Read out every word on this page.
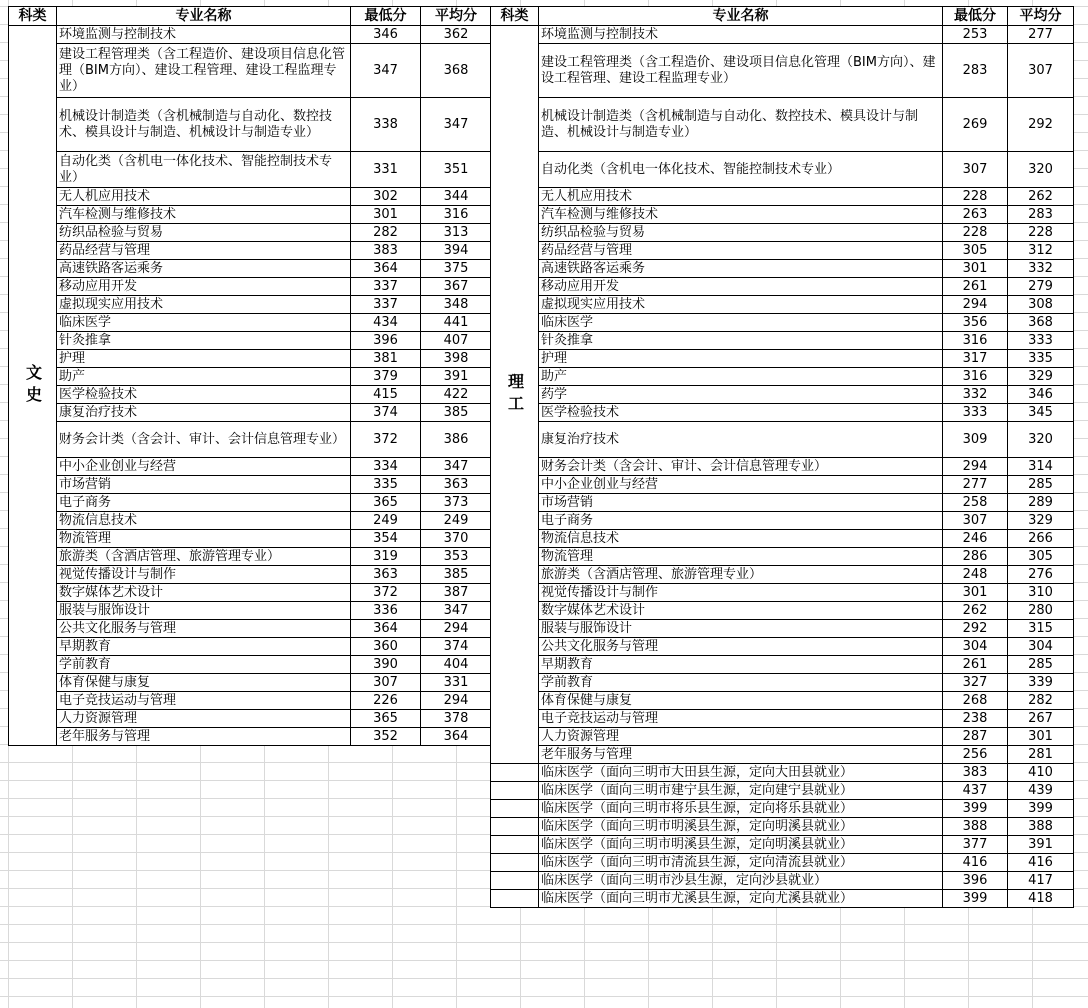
科类	专业名称	最低分	平均分
文史	环境监测与控制技术	346	362
	建设工程管理类（含工程造价、建设项目信息化管理（BIM方向）、建设工程管理、建设工程监理专业）	347	368
	机械设计制造类（含机械制造与自动化、数控技术、模具设计与制造、机械设计与制造专业）	338	347
	自动化类（含机电一体化技术、智能控制技术专业）	331	351
	无人机应用技术	302	344
	汽车检测与维修技术	301	316
	纺织品检验与贸易	282	313
	药品经营与管理	383	394
	高速铁路客运乘务	364	375
	移动应用开发	337	367
	虚拟现实应用技术	337	348
	临床医学	434	441
	针灸推拿	396	407
	护理	381	398
	助产	379	391
	医学检验技术	415	422
	康复治疗技术	374	385
	财务会计类（含会计、审计、会计信息管理专业）	372	386
	中小企业创业与经营	334	347
	市场营销	335	363
	电子商务	365	373
	物流信息技术	249	249
	物流管理	354	370
	旅游类（含酒店管理、旅游管理专业）	319	353
	视觉传播设计与制作	363	385
	数字媒体艺术设计	372	387
	服装与服饰设计	336	347
	公共文化服务与管理	364	294
	早期教育	360	374
	学前教育	390	404
	体育保健与康复	307	331
	电子竞技运动与管理	226	294
	人力资源管理	365	378
	老年服务与管理	352	364
科类	专业名称	最低分	平均分
理工	环境监测与控制技术	253	277
	建设工程管理类（含工程造价、建设项目信息化管理（BIM方向）、建设工程管理、建设工程监理专业）	283	307
	机械设计制造类（含机械制造与自动化、数控技术、模具设计与制造、机械设计与制造专业）	269	292
	自动化类（含机电一体化技术、智能控制技术专业）	307	320
	无人机应用技术	228	262
	汽车检测与维修技术	263	283
	纺织品检验与贸易	228	228
	药品经营与管理	305	312
	高速铁路客运乘务	301	332
	移动应用开发	261	279
	虚拟现实应用技术	294	308
	临床医学	356	368
	针灸推拿	316	333
	护理	317	335
	助产	316	329
	药学	332	346
	医学检验技术	333	345
	康复治疗技术	309	320
	财务会计类（含会计、审计、会计信息管理专业）	294	314
	中小企业创业与经营	277	285
	市场营销	258	289
	电子商务	307	329
	物流信息技术	246	266
	物流管理	286	305
	旅游类（含酒店管理、旅游管理专业）	248	276
	视觉传播设计与制作	301	310
	数字媒体艺术设计	262	280
	服装与服饰设计	292	315
	公共文化服务与管理	304	304
	早期教育	261	285
	学前教育	327	339
	体育保健与康复	268	282
	电子竞技运动与管理	238	267
	人力资源管理	287	301
	老年服务与管理	256	281
	临床医学（面向三明市大田县生源，定向大田县就业）	383	410
	临床医学（面向三明市建宁县生源，定向建宁县就业）	437	439
	临床医学（面向三明市将乐县生源，定向将乐县就业）	399	399
	临床医学（面向三明市明溪县生源，定向明溪县就业）	388	388
	临床医学（面向三明市明溪县生源，定向明溪县就业）	377	391
	临床医学（面向三明市清流县生源，定向清流县就业）	416	416
	临床医学（面向三明市沙县生源，定向沙县就业）	396	417
	临床医学（面向三明市尤溪县生源，定向尤溪县就业）	399	418
